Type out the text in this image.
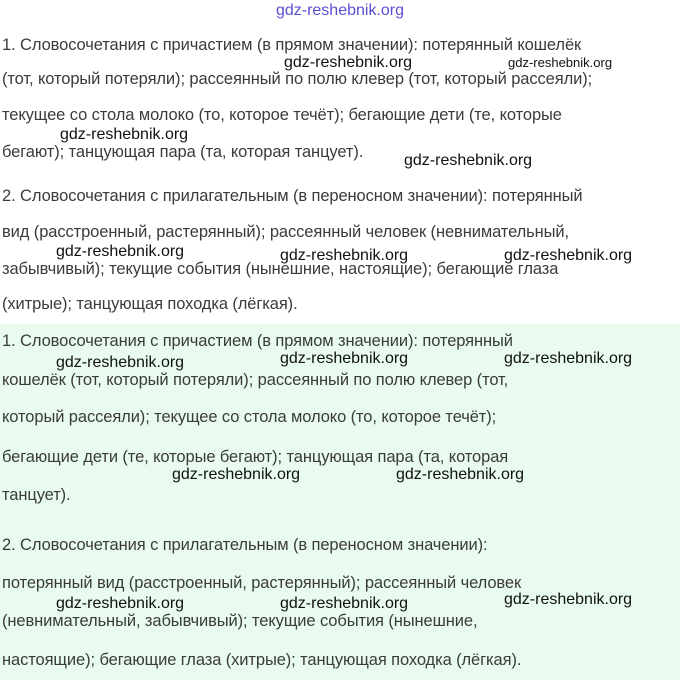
gdz-reshebnik.org
1. Словосочетания с причастием (в прямом значении): потерянный кошелёк
(тот, который потеряли); рассеянный по полю клевер (тот, который рассеяли);
текущее со стола молоко (то, которое течёт); бегающие дети (те, которые
бегают); танцующая пара (та, которая танцует).
2. Словосочетания с прилагательным (в переносном значении): потерянный
вид (расстроенный, растерянный); рассеянный человек (невнимательный,
забывчивый); текущие события (нынешние, настоящие); бегающие глаза
(хитрые); танцующая походка (лёгкая).
gdz-reshebnik.org	gdz-reshebnik.org
gdz-reshebnik.org
gdz-reshebnik.org
gdz-reshebnik.org	gdz-reshebnik.org	gdz-reshebnik.org
1. Словосочетания с причастием (в прямом значении): потерянный
кошелёк (тот, который потеряли); рассеянный по полю клевер (тот,
который рассеяли); текущее со стола молоко (то, которое течёт);
бегающие дети (те, которые бегают); танцующая пара (та, которая
танцует).
2. Словосочетания с прилагательным (в переносном значении):
потерянный вид (расстроенный, растерянный); рассеянный человек
(невнимательный, забывчивый); текущие события (нынешние,
настоящие); бегающие глаза (хитрые); танцующая походка (лёгкая).
gdz-reshebnik.org	gdz-reshebnik.org	gdz-reshebnik.org
gdz-reshebnik.org	gdz-reshebnik.org
gdz-reshebnik.org	gdz-reshebnik.org	gdz-reshebnik.org
